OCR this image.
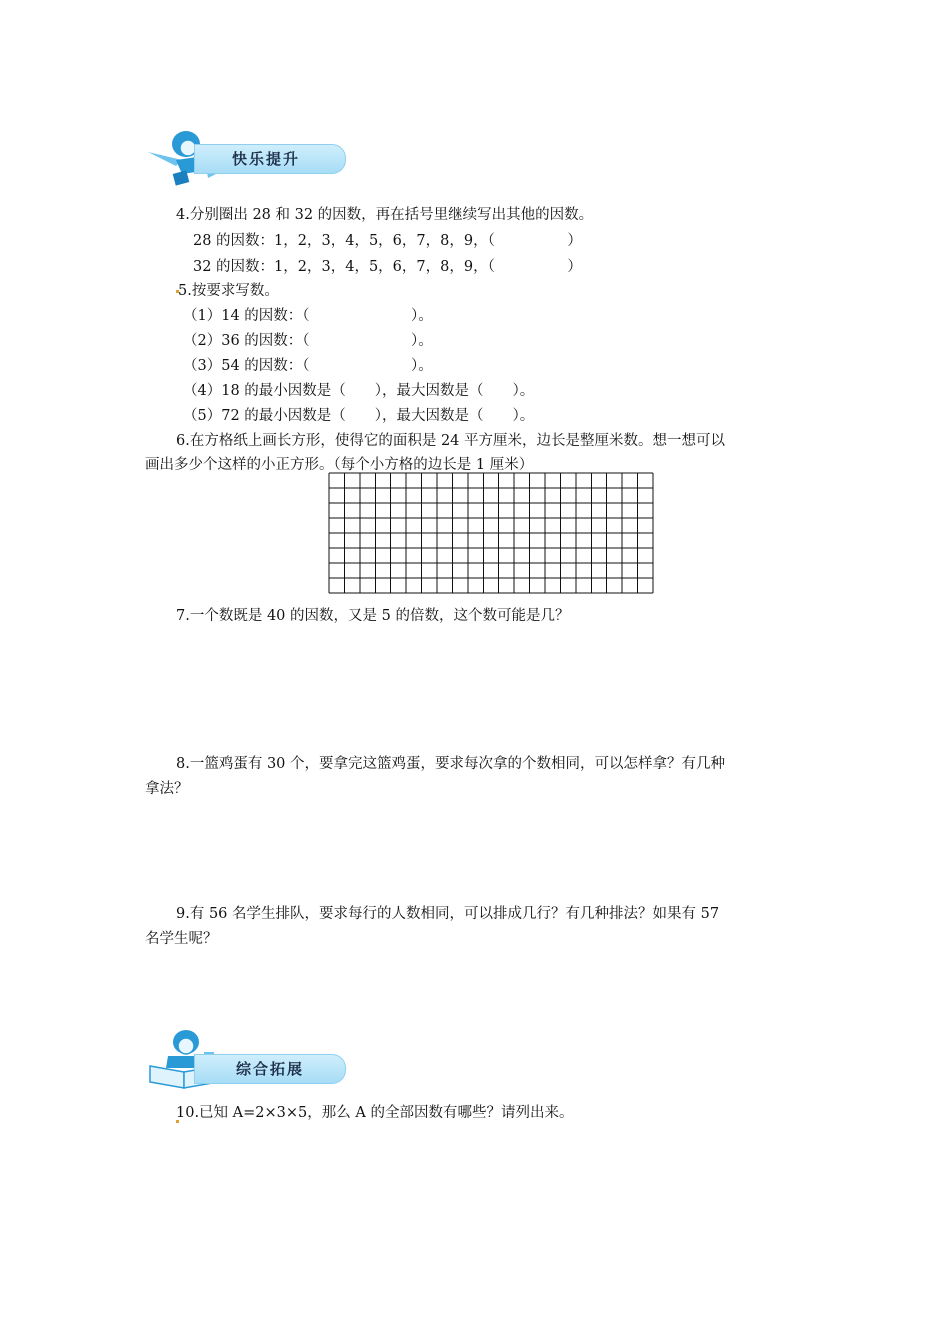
快乐提升
4.分别圈出 28 和 32 的因数，再在括号里继续写出其他的因数。
28 的因数：1，2，3，4，5，6，7，8，9，（　　　　　）
32 的因数：1，2，3，4，5，6，7，8，9，（　　　　　）
5.按要求写数。
（1）14 的因数：（　　　　　　　）。
（2）36 的因数：（　　　　　　　）。
（3）54 的因数：（　　　　　　　）。
（4）18 的最小因数是（　　），最大因数是（　　）。
（5）72 的最小因数是（　　），最大因数是（　　）。
6.在方格纸上画长方形，使得它的面积是 24 平方厘米，边长是整厘米数。想一想可以
画出多少个这样的小正方形。（每个小方格的边长是 1 厘米）
7.一个数既是 40 的因数，又是 5 的倍数，这个数可能是几？
8.一篮鸡蛋有 30 个，要拿完这篮鸡蛋，要求每次拿的个数相同，可以怎样拿？有几种
拿法？
9.有 56 名学生排队，要求每行的人数相同，可以排成几行？有几种排法？如果有 57
名学生呢？
综合拓展
10.已知 A=2×3×5，那么 A 的全部因数有哪些？请列出来。
